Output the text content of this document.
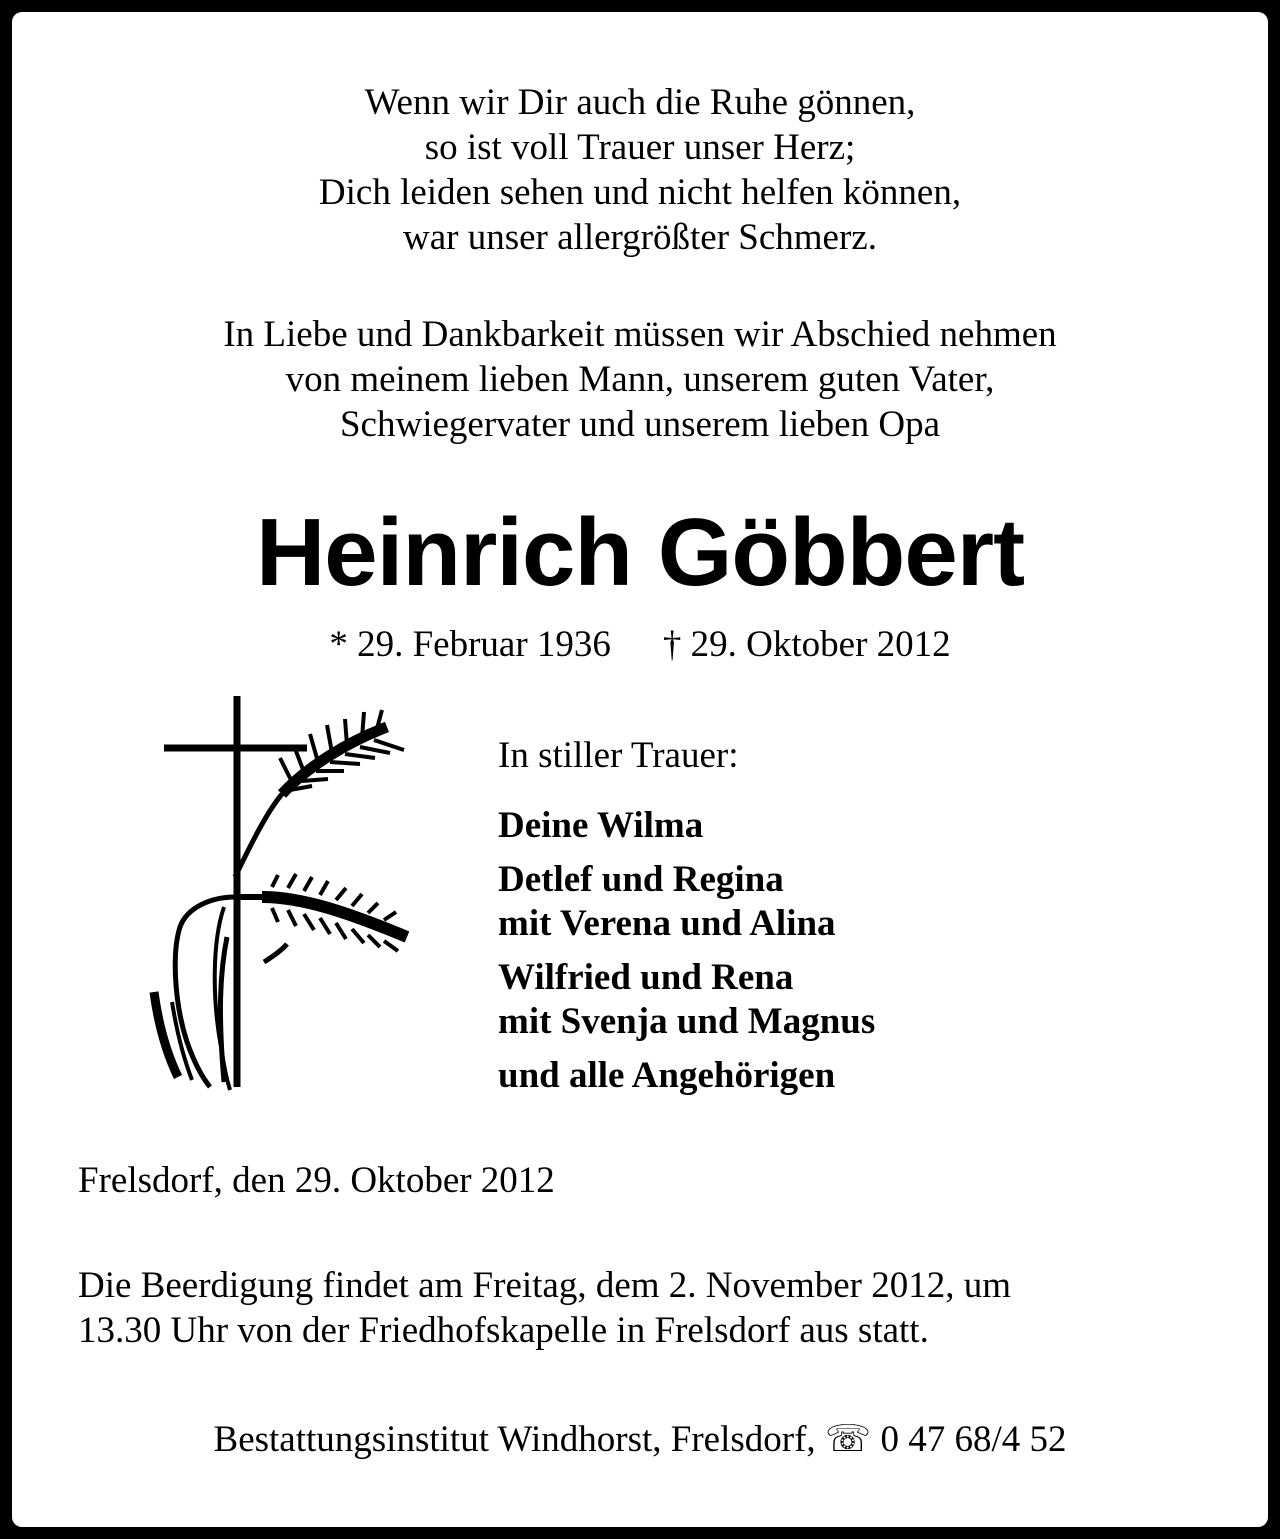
Wenn wir Dir auch die Ruhe gönnen,
so ist voll Trauer unser Herz;
Dich leiden sehen und nicht helfen können,
war unser allergrößter Schmerz.
In Liebe und Dankbarkeit müssen wir Abschied nehmen
von meinem lieben Mann, unserem guten Vater,
Schwiegervater und unserem lieben Opa
Heinrich Göbbert
* 29. Februar 1936 † 29. Oktober 2012
In stiller Trauer:
Deine Wilma
Detlef und Regina
mit Verena und Alina
Wilfried und Rena
mit Svenja und Magnus
und alle Angehörigen
Frelsdorf, den 29. Oktober 2012
Die Beerdigung findet am Freitag, dem 2. November 2012, um
13.30 Uhr von der Friedhofskapelle in Frelsdorf aus statt.
Bestattungsinstitut Windhorst, Frelsdorf, ☏ 0 47 68/4 52
